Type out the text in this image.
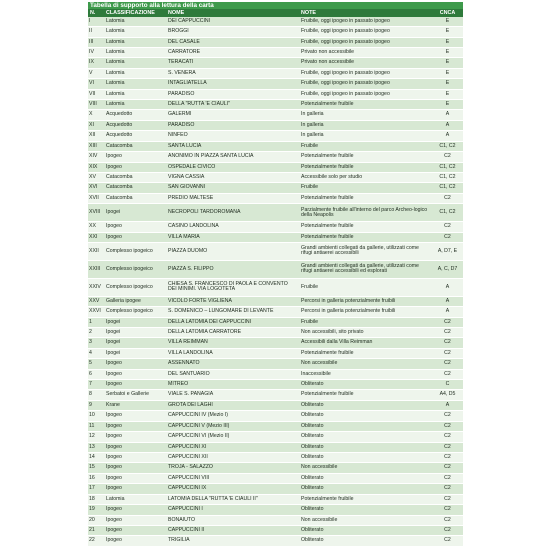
Tabella di supporto alla lettura della carta
N.	CLASSIFICAZIONE	NOME	NOTE	CNCA
I	Latomia	DEI CAPPUCCINI	Fruibile, oggi ipogeo in passato ipogeo	E
II	Latomia	BROGGI	Fruibile, oggi ipogeo in passato ipogeo	E
III	Latomia	DEL CASALE	Fruibile, oggi ipogeo in passato ipogeo	E
IV	Latomia	CARRATORE	Privato non accessibile	E
IX	Latomia	TERACATI	Privato non accessibile	E
V	Latomia	S. VENERA	Fruibile, oggi ipogeo in passato ipogeo	E
VI	Latomia	INTAGLIATELLA	Fruibile, oggi ipogeo in passato ipogeo	E
VII	Latomia	PARADISO	Fruibile, oggi ipogeo in passato ipogeo	E
VIII	Latomia	DELLA "RUTTA 'E CIAULI"	Potenzialmente fruibile	E
X	Acquedotto	GALERMI	In galleria	A
XI	Acquedotto	PARADISO	In galleria	A
XII	Acquedotto	NINFEO	In galleria	A
XIII	Catacomba	SANTA LUCIA	Fruibile	C1, C2
XIV	Ipogeo	ANONIMO IN PIAZZA SANTA LUCIA	Potenzialmente fruibile	C2
XIX	Ipogeo	OSPEDALE CIVICO	Potenzialmente fruibile	C1, C2
XV	Catacomba	VIGNA CASSIA	Accessibile solo per studio	C1, C2
XVI	Catacomba	SAN GIOVANNI	Fruibile	C1, C2
XVII	Catacomba	PREDIO MALTESE	Potenzialmente fruibile	C2
XVIII	Ipogei	NECROPOLI TARDOROMANA	Parzialmente fruibile all'interno del parco Archeo-logico della Neapolis	C1, C2
XX	Ipogeo	CASINO LANDOLINA	Potenzialmente fruibile	C2
XXI	Ipogeo	VILLA MARIA	Potenzialmente fruibile	C2
XXII	Complesso ipogeico	PIAZZA DUOMO	Grandi ambienti collegati da gallerie, utilizzati come rifugi antiaerei accessibili	A, D7, E
XXIII	Complesso ipogeico	PIAZZA S. FILIPPO	Grandi ambienti collegati da gallerie, utilizzati come rifugi antiaerei accessibili ed esplorati	A, C, D7
XXIV	Complesso ipogeico	CHIESA S. FRANCESCO DI PAOLA E CONVENTO DEI MINIMI. VIA LOGOTETA	Fruibile	A
XXV	Galleria ipogee	VICOLO FORTE VIGLIENA	Percorsi in galleria potenzialmente fruibili	A
XXVI	Complesso ipogeico	S. DOMENICO – LUNGOMARE DI LEVANTE	Percorsi in galleria potenzialmente fruibili	A
1	Ipogei	DELLA LATOMIA DEI CAPPUCCINI	Fruibile	C2
2	Ipogei	DELLA LATOMIA CARRATORE	Non accessibili, sito privato	C2
3	Ipogei	VILLA REIMMAN	Accessibili dalla Villa Reimman	C2
4	Ipogei	VILLA LANDOLINA	Potenzialmente fruibile	C2
5	Ipogeo	ASSENNATO	Non accessibile	C2
6	Ipogeo	DEL SANTUARIO	Inaccessibile	C2
7	Ipogeo	MITREO	Obliterato	C
8	Serbatoi e Gallerie	VIALE S. PANAGIA	Potenzialmente fruibile	A4, D5
9	Krane	GROTA DEI LAGHI	Obliterato	A
10	Ipogeo	CAPPUCCINI IV (Mezio I)	Obliterato	C2
11	Ipogeo	CAPPUCCINI V (Mezio III)	Obliterato	C2
12	Ipogeo	CAPPUCCINI VI (Mezio II)	Obliterato	C2
13	Ipogeo	CAPPUCCINI XI	Obliterato	C2
14	Ipogeo	CAPPUCCINI XII	Obliterato	C2
15	Ipogeo	TROJA - SALAZZO	Non accessibile	C2
16	Ipogeo	CAPPUCCINI VIII	Obliterato	C2
17	Ipogeo	CAPPUCCINI IX	Obliterato	C2
18	Latomia	LATOMIA DELLA "RUTTA 'E CIAULI II"	Potenzialmente fruibile	C2
19	Ipogeo	CAPPUCCINI I	Obliterato	C2
20	Ipogeo	BONAIUTO	Non accessibile	C2
21	Ipogeo	CAPPUCCINI II	Obliterato	C2
22	Ipogeo	TRIGILIA	Obliterato	C2
